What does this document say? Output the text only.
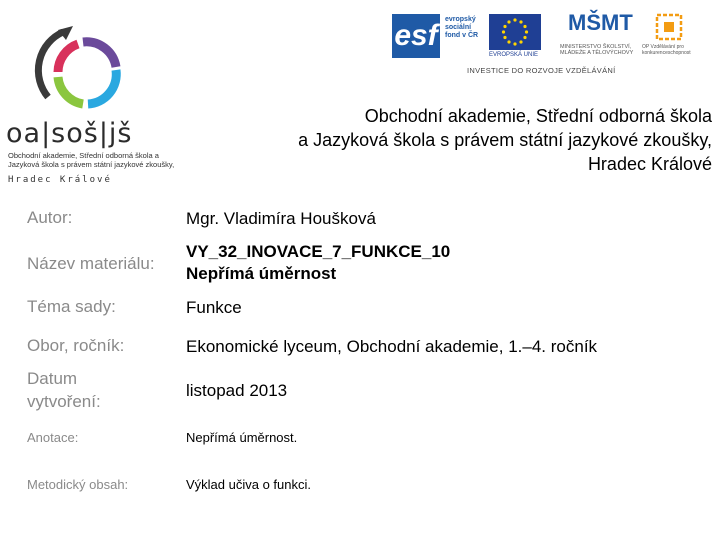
oa|soš|jš
Obchodní akademie, Střední odborná škola a Jazyková škola s právem státní jazykové zkoušky,
Hradec Králové
esf	evropský sociální fond v ČR
EVROPSKÁ UNIE
MŠMT
MINISTERSTVO ŠKOLSTVÍ, MLÁDEŽE A TĚLOVÝCHOVY
OP Vzdělávání pro konkurenceschopnost
INVESTICE DO ROZVOJE VZDĚLÁVÁNÍ
Obchodní akademie, Střední odborná škola
a Jazyková škola s právem státní jazykové zkoušky,
Hradec Králové
Autor:	Mgr. Vladimíra Houšková
Název materiálu:
VY_32_INOVACE_7_FUNKCE_10
Nepřímá úměrnost
Téma sady:	Funkce
Obor, ročník:	Ekonomické lyceum, Obchodní akademie, 1.–4. ročník
Datum
vytvoření:
listopad 2013
Anotace:	Nepřímá úměrnost.
Metodický obsah:	Výklad učiva o funkci.
